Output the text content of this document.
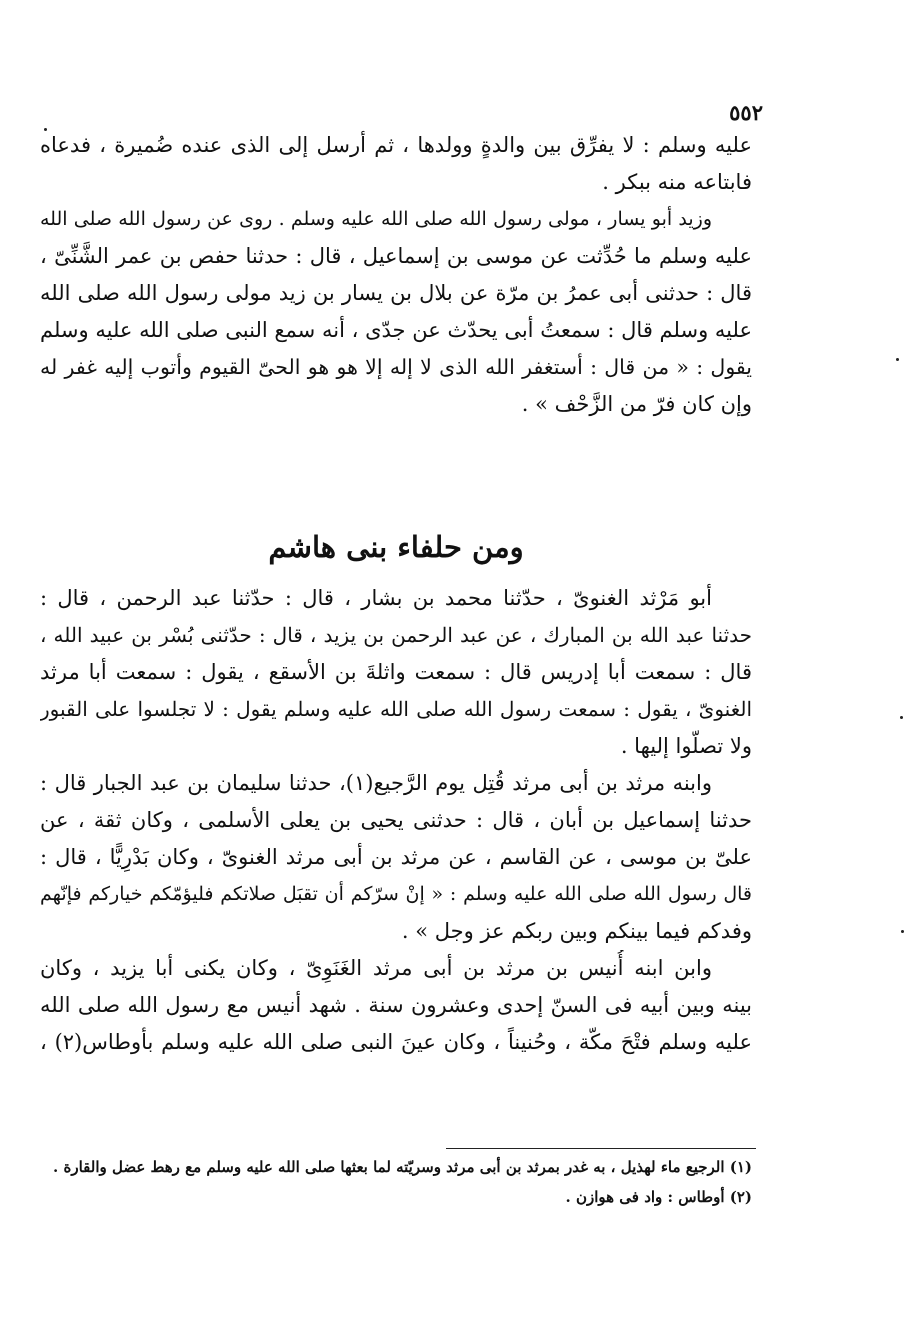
٥٥٢
عليه وسلم : لا يفرِّق بين والدةٍ وولدها ، ثم أرسل إلى الذى عنده ضُميرة ، فدعاه
فابتاعه منه ببكر .
وزيد أبو يسار ، مولى رسول الله صلى الله عليه وسلم . روى عن رسول الله صلى الله
عليه وسلم ما حُدِّثت عن موسى بن إسماعيل ، قال : حدثنا حفص بن عمر الشَّنِّىّ ،
قال : حدثنى أبى عمرُ بن مرّة عن بلال بن يسار بن زيد مولى رسول الله صلى الله
عليه وسلم قال : سمعتُ أبى يحدّث عن جدّى ، أنه سمع النبى صلى الله عليه وسلم
يقول : « من قال : أستغفر الله الذى لا إله إلا هو هو الحىّ القيوم وأتوب إليه غفر له
وإن كان فرّ من الزَّحْف » .
ومن حلفاء بنى هاشم
أبو مَرْثد الغنوىّ ، حدّثنا محمد بن بشار ، قال : حدّثنا عبد الرحمن ، قال :
حدثنا عبد الله بن المبارك ، عن عبد الرحمن بن يزيد ، قال : حدّثنى بُسْر بن عبيد الله ،
قال : سمعت أبا إدريس قال : سمعت واثلةَ بن الأسقع ، يقول : سمعت أبا مرثد
الغنوىّ ، يقول : سمعت رسول الله صلى الله عليه وسلم يقول : لا تجلسوا على القبور
ولا تصلّوا إليها .
وابنه مرثد بن أبى مرثد قُتِل يوم الرَّجيع(١)، حدثنا سليمان بن عبد الجبار قال :
حدثنا إسماعيل بن أبان ، قال : حدثنى يحيى بن يعلى الأسلمى ، وكان ثقة ، عن
علىّ بن موسى ، عن القاسم ، عن مرثد بن أبى مرثد الغنوىّ ، وكان بَدْرِيًّا ، قال :
قال رسول الله صلى الله عليه وسلم : « إنْ سرّكم أن تقبَل صلاتكم فليؤمّكم خياركم فإنّهم
وفدكم فيما بينكم وبين ربكم عز وجل » .
وابن ابنه أُنيس بن مرثد بن أبى مرثد الغَنَوِىّ ، وكان يكنى أبا يزيد ، وكان
بينه وبين أبيه فى السنّ إحدى وعشرون سنة . شهد أنيس مع رسول الله صلى الله
عليه وسلم فتْحَ مكّة ، وحُنيناً ، وكان عينَ النبى صلى الله عليه وسلم بأوطاس(٢) ،
(١) الرجيع ماء لهذيل ، به غدر بمرثد بن أبى مرثد وسريّته لما بعثها صلى الله عليه وسلم مع رهط عضل والقارة .
(٢) أوطاس : واد فى هوازن .
